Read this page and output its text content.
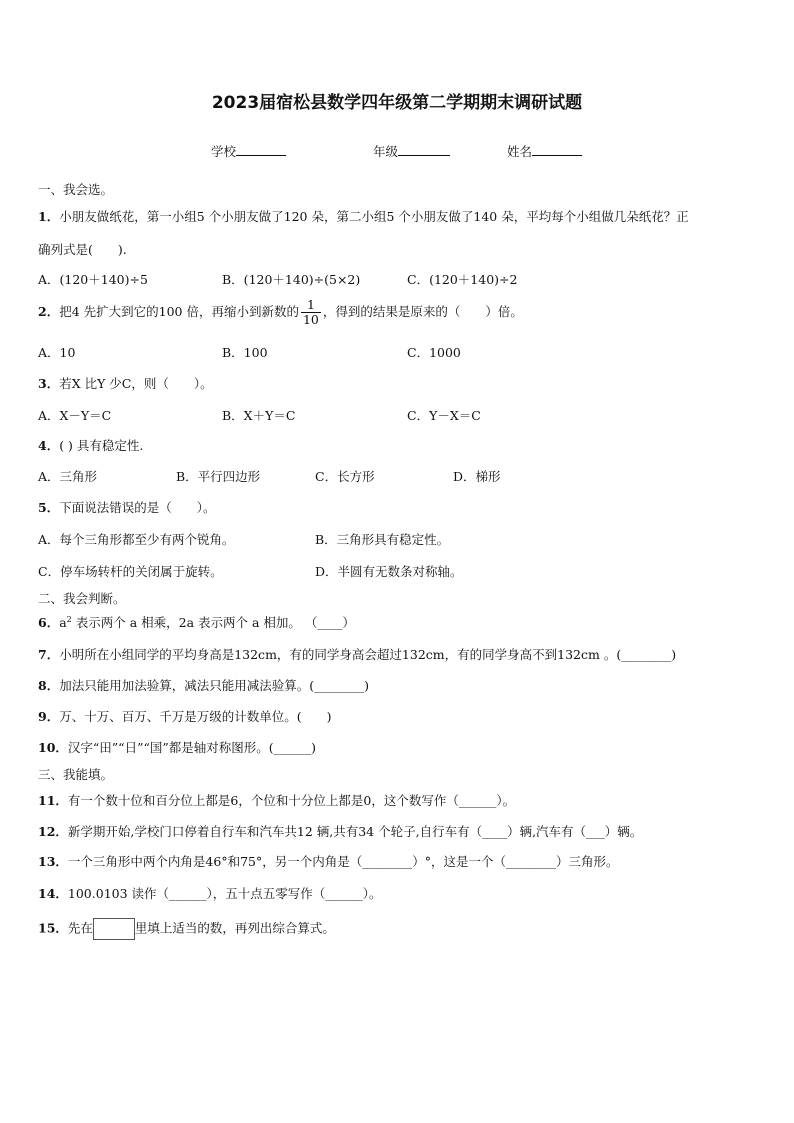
2023届宿松县数学四年级第二学期期末调研试题
学校	年级	姓名
一、我会选。
1．小朋友做纸花，第一小组5 个小朋友做了120 朵，第二小组5 个小朋友做了140 朵，平均每个小组做几朵纸花？正
确列式是(　　).
A．(120＋140)÷5	B．(120＋140)÷(5×2)	C．(120＋140)÷2
2．把4 先扩大到它的100 倍，再缩小到新数的 $\frac{1}{10}$ ，得到的结果是原来的（　　）倍。
A．10	B．100	C．1000
3．若X 比Y 少C，则（　　）。
A．X－Y＝C	B．X＋Y＝C	C．Y－X＝C
4．( ) 具有稳定性.
A．三角形	B．平行四边形	C．长方形	D．梯形
5．下面说法错误的是（　　）。
A．每个三角形都至少有两个锐角。	B．三角形具有稳定性。
C．停车场转杆的关闭属于旋转。	D．半圆有无数条对称轴。
二、我会判断。
6．$a^2$ 表示两个 a 相乘，2a 表示两个 a 相加。 （____）
7．小明所在小组同学的平均身高是132cm，有的同学身高会超过132cm，有的同学身高不到132cm 。(________)
8．加法只能用加法验算，减法只能用减法验算。(________)
9．万、十万、百万、千万是万级的计数单位。(　　)
10．汉字“田”“日”“国”都是轴对称图形。(______)
三、我能填。
11．有一个数十位和百分位上都是6，个位和十分位上都是0，这个数写作（______）。
12．新学期开始,学校门口停着自行车和汽车共12 辆,共有34 个轮子,自行车有（____）辆,汽车有（___）辆。
13．一个三角形中两个内角是46°和75°，另一个内角是（________）°，这是一个（________）三角形。
14．100.0103 读作（______），五十点五零写作（______）。
15．先在	里填上适当的数，再列出综合算式。
